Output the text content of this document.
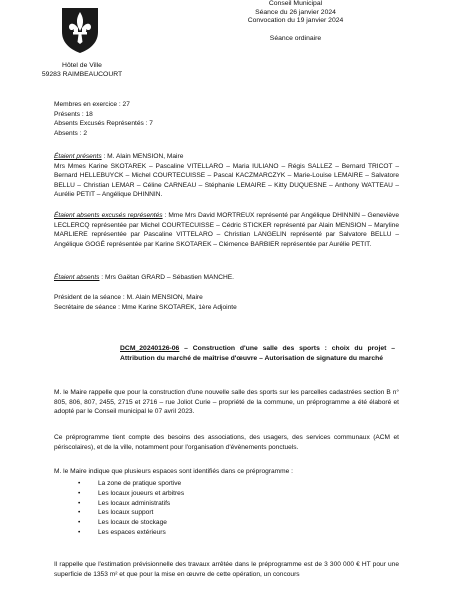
Hôtel de Ville
59283 RAIMBEAUCOURT
Conseil Municipal
Séance du 26 janvier 2024
Convocation du 19 janvier 2024
Séance ordinaire
Membres en exercice : 27
Présents : 18
Absents Excusés Représentés : 7
Absents : 2
Étaient présents : M. Alain MENSION, Maire
Mrs Mmes Karine SKOTAREK – Pascaline VITELLARO – Maria IULIANO – Régis SALLEZ – Bernard TRICOT – Bernard HELLEBUYCK – Michel COURTECUISSE – Pascal KACZMARCZYK – Marie-Louise LEMAIRE – Salvatore BELLU – Christian LEMAR – Céline CARNEAU – Stéphanie LEMAIRE – Kitty DUQUESNE – Anthony WATTEAU – Aurélie PETIT – Angélique DHINNIN.
Étaient absents excusés représentés : Mme Mrs David MORTREUX représenté par Angélique DHINNIN – Geneviève LECLERCQ représentée par Michel COURTECUISSE – Cédric STICKER représenté par Alain MENSION – Maryline MARLIERE représentée par Pascaline VITTELARO – Christian LANGELIN représenté par Salvatore BELLU – Angélique GOGÉ représentée par Karine SKOTAREK – Clémence BARBIER représentée par Aurélie PETIT.
Étaient absents : Mrs Gaëtan GRARD – Sébastien MANCHE.
Président de la séance : M. Alain MENSION, Maire
Secrétaire de séance : Mme Karine SKOTAREK, 1ère Adjointe
DCM_20240126-06 – Construction d'une salle des sports : choix du projet – Attribution du marché de maîtrise d'œuvre – Autorisation de signature du marché
M. le Maire rappelle que pour la construction d'une nouvelle salle des sports sur les parcelles cadastrées section B n° 805, 806, 807, 2455, 2715 et 2716 – rue Joliot Curie – propriété de la commune, un préprogramme a été élaboré et adopté par le Conseil municipal le 07 avril 2023.
Ce préprogramme tient compte des besoins des associations, des usagers, des services communaux (ACM et périscolaires), et de la ville, notamment pour l'organisation d'évènements ponctuels.
M. le Maire indique que plusieurs espaces sont identifiés dans ce préprogramme :
• La zone de pratique sportive
• Les locaux joueurs et arbitres
• Les locaux administratifs
• Les locaux support
• Les locaux de stockage
• Les espaces extérieurs
Il rappelle que l'estimation prévisionnelle des travaux arrêtée dans le préprogramme est de 3 300 000 € HT pour une superficie de 1353 m² et que pour la mise en œuvre de cette opération, un concours
